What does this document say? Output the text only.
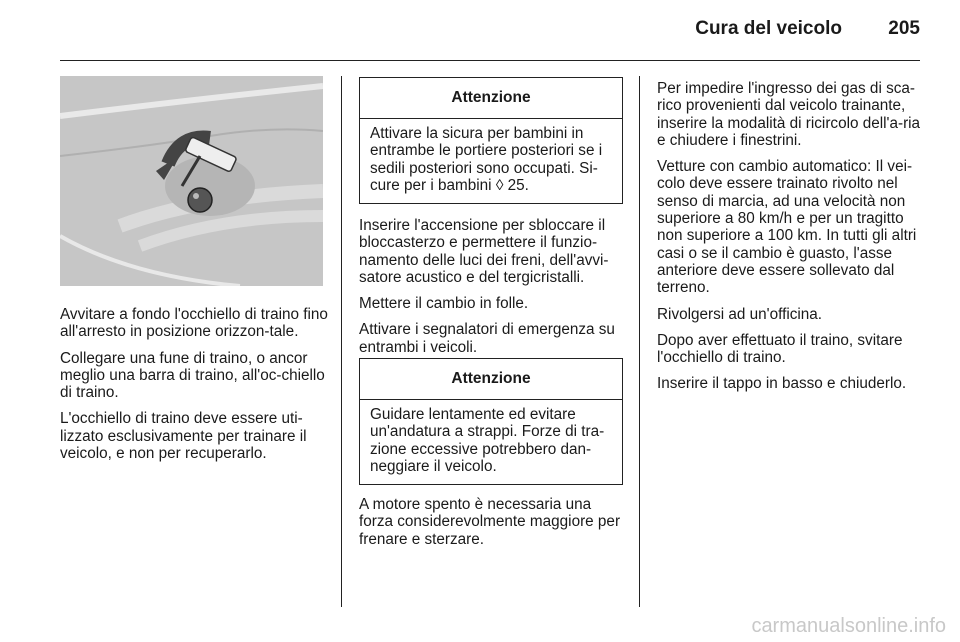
Cura del veicolo 205

Avvitare a fondo l'occhiello di traino fino all'arresto in posizione orizzon-tale.

Collegare una fune di traino, o ancor meglio una barra di traino, all'oc-chiello di traino.

L'occhiello di traino deve essere uti-lizzato esclusivamente per trainare il veicolo, e non per recuperarlo.

Attenzione
Attivare la sicura per bambini in entrambe le portiere posteriori se i sedili posteriori sono occupati. Si-cure per i bambini ◊ 25.

Inserire l'accensione per sbloccare il bloccasterzo e permettere il funzio-namento delle luci dei freni, dell'avvi-satore acustico e del tergicristalli.

Mettere il cambio in folle.

Attivare i segnalatori di emergenza su entrambi i veicoli.

Attenzione
Guidare lentamente ed evitare un'andatura a strappi. Forze di tra-zione eccessive potrebbero dan-neggiare il veicolo.

A motore spento è necessaria una forza considerevolmente maggiore per frenare e sterzare.

Per impedire l'ingresso dei gas di sca-rico provenienti dal veicolo trainante, inserire la modalità di ricircolo dell'a-ria e chiudere i finestrini.

Vetture con cambio automatico: Il vei-colo deve essere trainato rivolto nel senso di marcia, ad una velocità non superiore a 80 km/h e per un tragitto non superiore a 100 km. In tutti gli altri casi o se il cambio è guasto, l'asse anteriore deve essere sollevato dal terreno.

Rivolgersi ad un'officina.

Dopo aver effettuato il traino, svitare l'occhiello di traino.

Inserire il tappo in basso e chiuderlo.

carmanualsonline.info
